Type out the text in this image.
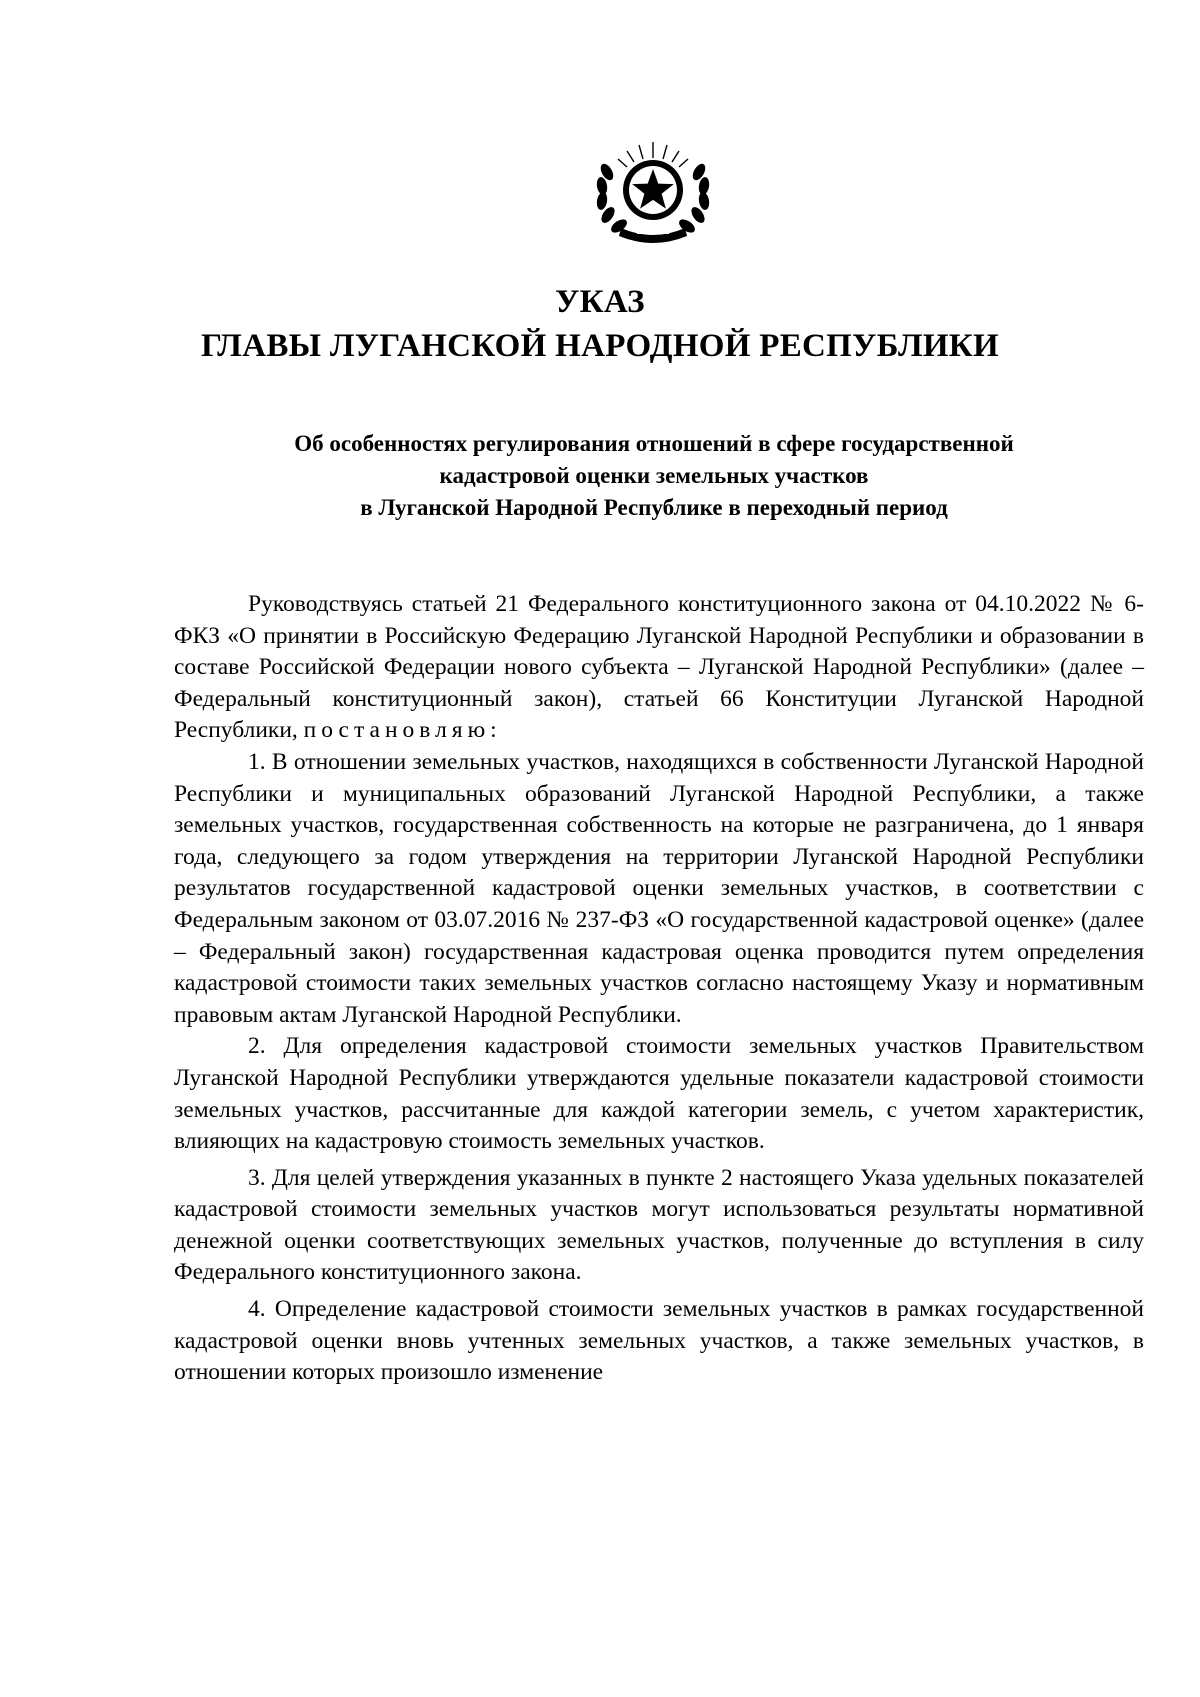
УКАЗ
ГЛАВЫ ЛУГАНСКОЙ НАРОДНОЙ РЕСПУБЛИКИ
Об особенностях регулирования отношений в сфере государственной
кадастровой оценки земельных участков
в Луганской Народной Республике в переходный период

Руководствуясь статьей 21 Федерального конституционного закона от 04.10.2022 № 6-ФКЗ «О принятии в Российскую Федерацию Луганской Народной Республики и образовании в составе Российской Федерации нового субъекта – Луганской Народной Республики» (далее – Федеральный конституционный закон), статьей 66 Конституции Луганской Народной Республики, постановляю:

1. В отношении земельных участков, находящихся в собственности Луганской Народной Республики и муниципальных образований Луганской Народной Республики, а также земельных участков, государственная собственность на которые не разграничена, до 1 января года, следующего за годом утверждения на территории Луганской Народной Республики результатов государственной кадастровой оценки земельных участков, в соответствии с Федеральным законом от 03.07.2016 № 237-ФЗ «О государственной кадастровой оценке» (далее – Федеральный закон) государственная кадастровая оценка проводится путем определения кадастровой стоимости таких земельных участков согласно настоящему Указу и нормативным правовым актам Луганской Народной Республики.

2. Для определения кадастровой стоимости земельных участков Правительством Луганской Народной Республики утверждаются удельные показатели кадастровой стоимости земельных участков, рассчитанные для каждой категории земель, с учетом характеристик, влияющих на кадастровую стоимость земельных участков.

3. Для целей утверждения указанных в пункте 2 настоящего Указа удельных показателей кадастровой стоимости земельных участков могут использоваться результаты нормативной денежной оценки соответствующих земельных участков, полученные до вступления в силу Федерального конституционного закона.

4. Определение кадастровой стоимости земельных участков в рамках государственной кадастровой оценки вновь учтенных земельных участков, а также земельных участков, в отношении которых произошло изменение
